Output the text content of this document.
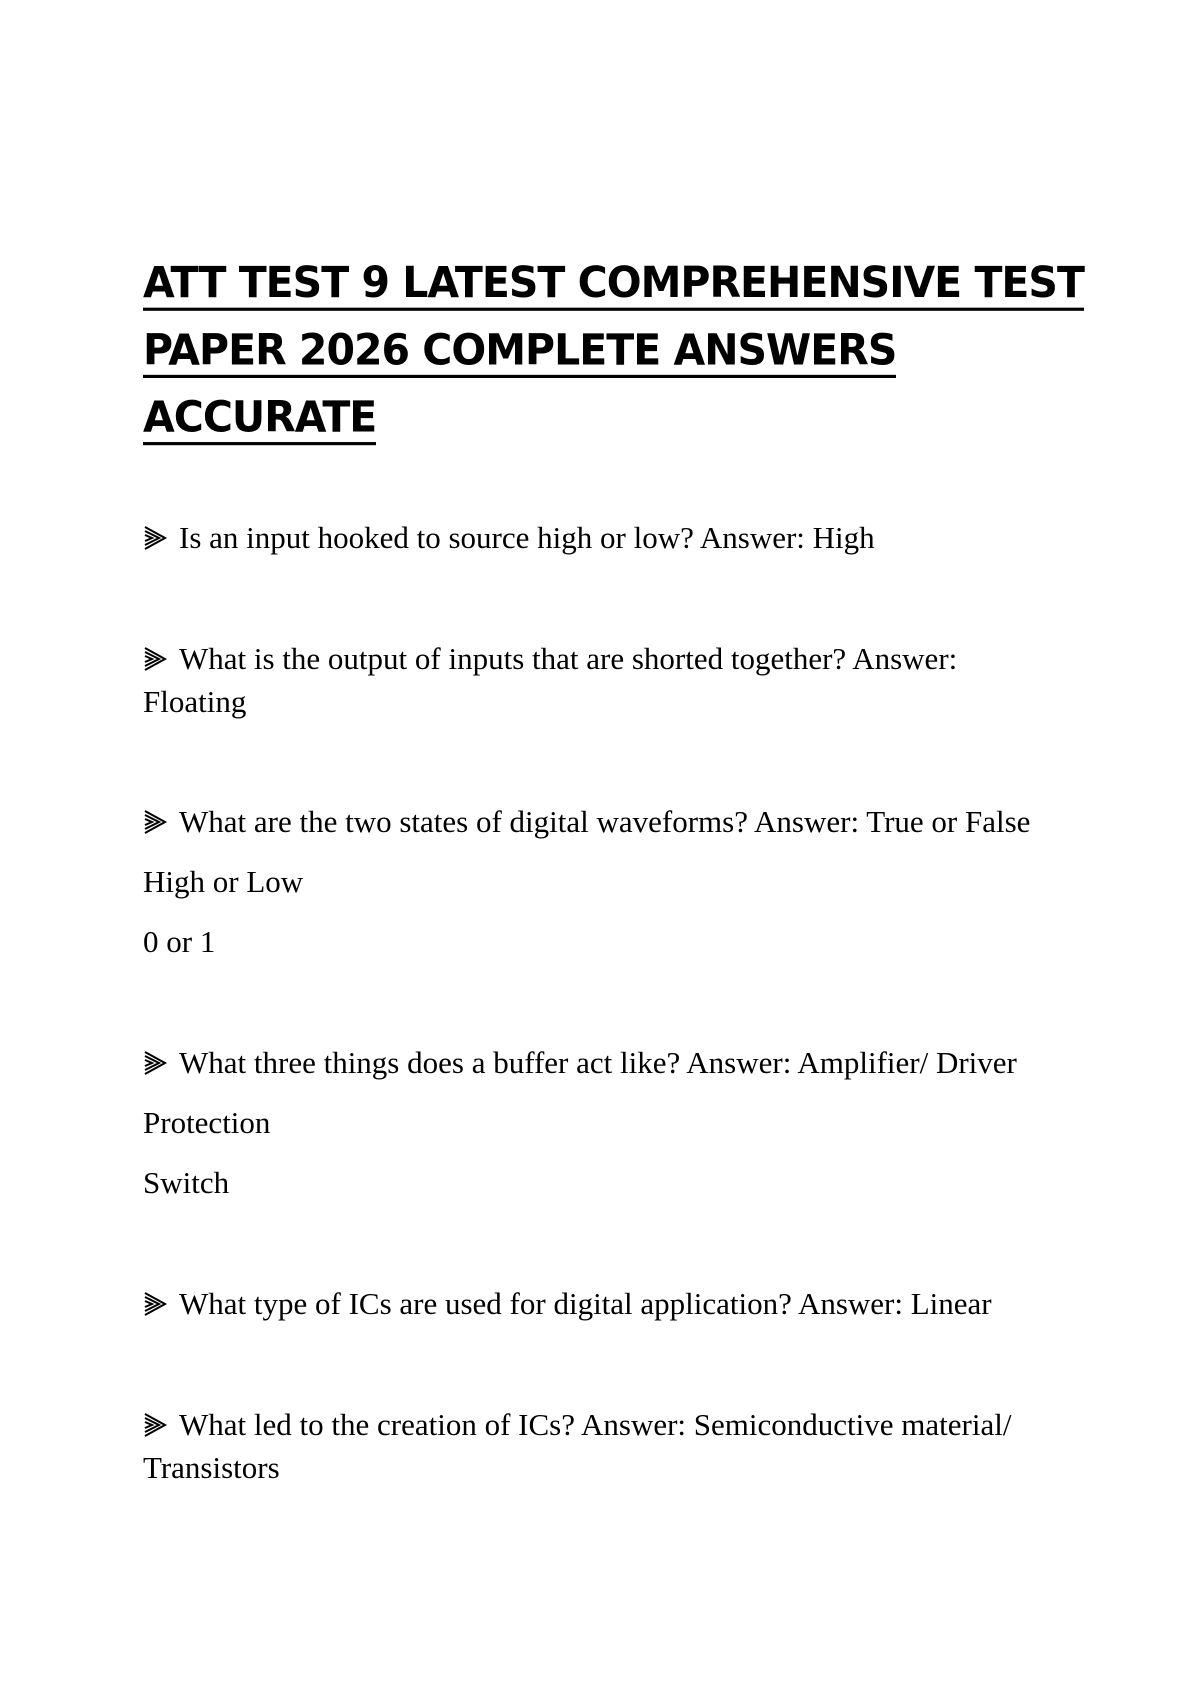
ATT TEST 9 LATEST COMPREHENSIVE TEST
PAPER 2026 COMPLETE ANSWERS
ACCURATE

Is an input hooked to source high or low? Answer: High

What is the output of inputs that are shorted together? Answer:

Floating

What are the two states of digital waveforms? Answer: True or False

High or Low

0 or 1

What three things does a buffer act like? Answer: Amplifier/ Driver

Protection

Switch

What type of ICs are used for digital application? Answer: Linear

What led to the creation of ICs? Answer: Semiconductive material/

Transistors
